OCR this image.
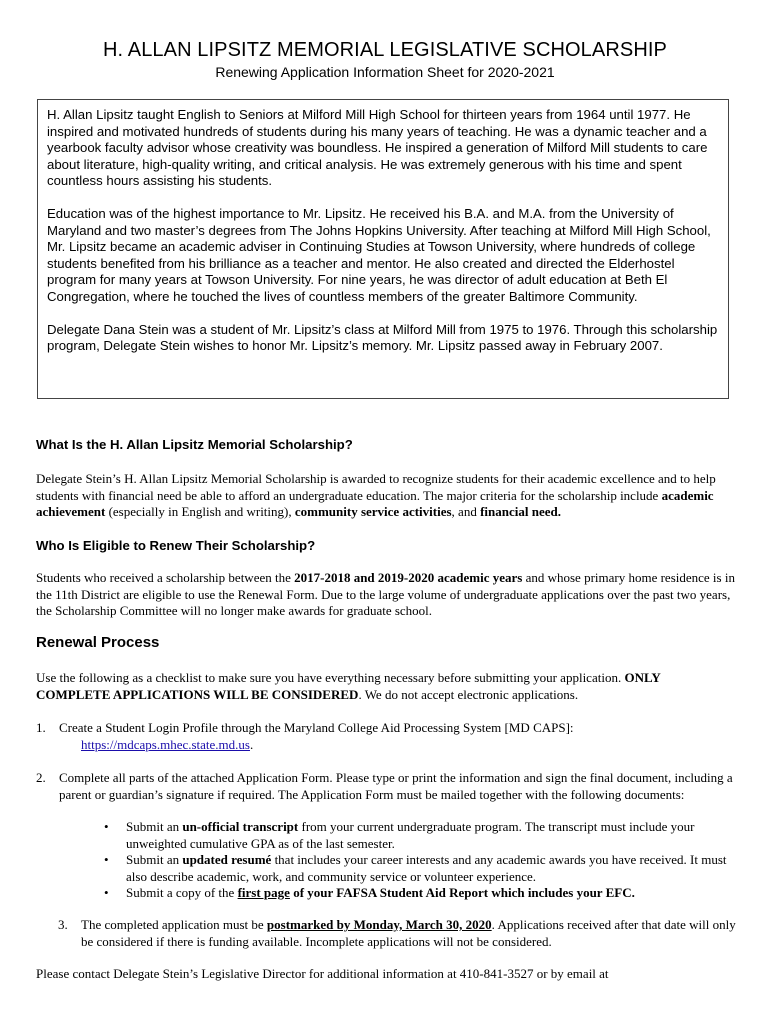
H. ALLAN LIPSITZ MEMORIAL LEGISLATIVE SCHOLARSHIP
Renewing Application Information Sheet for 2020-2021

H. Allan Lipsitz taught English to Seniors at Milford Mill High School for thirteen years from 1964 until 1977. He inspired and motivated hundreds of students during his many years of teaching. He was a dynamic teacher and a yearbook faculty advisor whose creativity was boundless. He inspired a generation of Milford Mill students to care about literature, high-quality writing, and critical analysis. He was extremely generous with his time and spent countless hours assisting his students.

Education was of the highest importance to Mr. Lipsitz. He received his B.A. and M.A. from the University of Maryland and two master’s degrees from The Johns Hopkins University. After teaching at Milford Mill High School, Mr. Lipsitz became an academic adviser in Continuing Studies at Towson University, where hundreds of college students benefited from his brilliance as a teacher and mentor. He also created and directed the Elderhostel program for many years at Towson University. For nine years, he was director of adult education at Beth El Congregation, where he touched the lives of countless members of the greater Baltimore Community.

Delegate Dana Stein was a student of Mr. Lipsitz’s class at Milford Mill from 1975 to 1976. Through this scholarship program, Delegate Stein wishes to honor Mr. Lipsitz’s memory. Mr. Lipsitz passed away in February 2007.

What Is the H. Allan Lipsitz Memorial Scholarship?
Delegate Stein’s H. Allan Lipsitz Memorial Scholarship is awarded to recognize students for their academic excellence and to help students with financial need be able to afford an undergraduate education. The major criteria for the scholarship include academic achievement (especially in English and writing), community service activities, and financial need.
Who Is Eligible to Renew Their Scholarship?
Students who received a scholarship between the 2017-2018 and 2019-2020 academic years and whose primary home residence is in the 11th District are eligible to use the Renewal Form. Due to the large volume of undergraduate applications over the past two years, the Scholarship Committee will no longer make awards for graduate school.
Renewal Process
Use the following as a checklist to make sure you have everything necessary before submitting your application. ONLY COMPLETE APPLICATIONS WILL BE CONSIDERED. We do not accept electronic applications.
1. Create a Student Login Profile through the Maryland College Aid Processing System [MD CAPS]:
https://mdcaps.mhec.state.md.us.
2. Complete all parts of the attached Application Form. Please type or print the information and sign the final document, including a parent or guardian’s signature if required. The Application Form must be mailed together with the following documents:
• Submit an un-official transcript from your current undergraduate program. The transcript must include your unweighted cumulative GPA as of the last semester.
• Submit an updated resumé that includes your career interests and any academic awards you have received. It must also describe academic, work, and community service or volunteer experience.
• Submit a copy of the first page of your FAFSA Student Aid Report which includes your EFC.
3. The completed application must be postmarked by Monday, March 30, 2020. Applications received after that date will only be considered if there is funding available. Incomplete applications will not be considered.
Please contact Delegate Stein’s Legislative Director for additional information at 410-841-3527 or by email at
